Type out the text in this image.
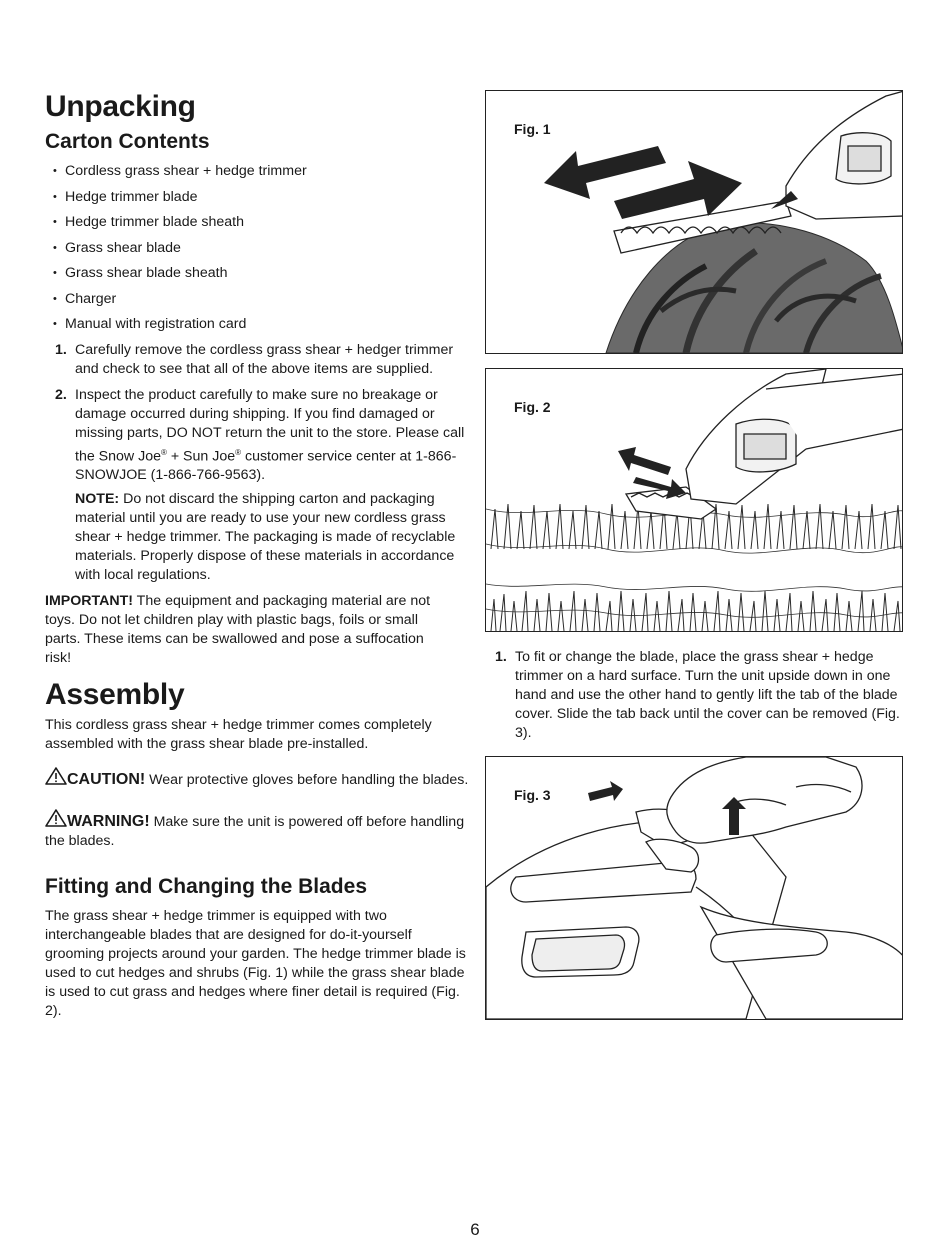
Unpacking
Carton Contents
• Cordless grass shear + hedge trimmer
• Hedge trimmer blade
• Hedge trimmer blade sheath
• Grass shear blade
• Grass shear blade sheath
• Charger
• Manual with registration card
1. Carefully remove the cordless grass shear + hedger trimmer and check to see that all of the above items are supplied.
2. Inspect the product carefully to make sure no breakage or damage occurred during shipping. If you find damaged or missing parts, DO NOT return the unit to the store. Please call the Snow Joe® + Sun Joe® customer service center at 1-866-SNOWJOE (1-866-766-9563).

NOTE: Do not discard the shipping carton and packaging material until you are ready to use your new cordless grass shear + hedge trimmer. The packaging is made of recyclable materials. Properly dispose of these materials in accordance with local regulations.

IMPORTANT! The equipment and packaging material are not toys. Do not let children play with plastic bags, foils or small parts. These items can be swallowed and pose a suffocation risk!

Assembly

This cordless grass shear + hedge trimmer comes completely assembled with the grass shear blade pre-installed.

CAUTION! Wear protective gloves before handling the blades.

WARNING! Make sure the unit is powered off before handling the blades.

Fitting and Changing the Blades

The grass shear + hedge trimmer is equipped with two interchangeable blades that are designed for do-it-yourself grooming projects around your garden. The hedge trimmer blade is used to cut hedges and shrubs (Fig. 1) while the grass shear blade is used to cut grass and hedges where finer detail is required (Fig. 2).

Fig. 1
Fig. 2
1. To fit or change the blade, place the grass shear + hedge trimmer on a hard surface. Turn the unit upside down in one hand and use the other hand to gently lift the tab of the blade cover. Slide the tab back until the cover can be removed (Fig. 3).
Fig. 3
6
